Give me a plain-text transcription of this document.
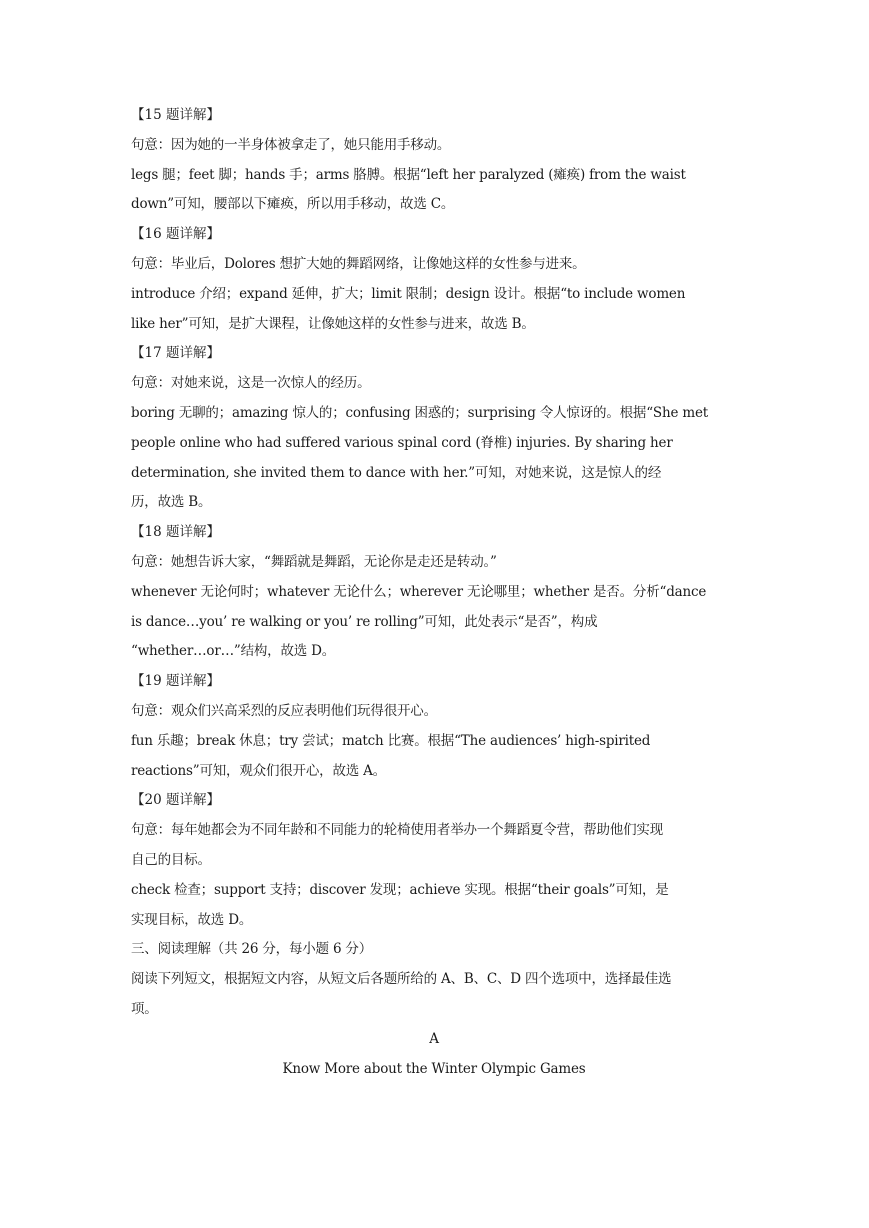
【15 题详解】
句意：因为她的一半身体被拿走了，她只能用手移动。
legs 腿；feet 脚；hands 手；arms 胳膊。根据“left her paralyzed (瘫痪) from the waist
down”可知，腰部以下瘫痪，所以用手移动，故选 C。
【16 题详解】
句意：毕业后，Dolores 想扩大她的舞蹈网络，让像她这样的女性参与进来。
introduce 介绍；expand 延伸，扩大；limit 限制；design 设计。根据“to include women
like her”可知，是扩大课程，让像她这样的女性参与进来，故选 B。
【17 题详解】
句意：对她来说，这是一次惊人的经历。
boring 无聊的；amazing 惊人的；confusing 困惑的；surprising 令人惊讶的。根据“She met
people online who had suffered various spinal cord (脊椎) injuries. By sharing her
determination, she invited them to dance with her.”可知，对她来说，这是惊人的经
历，故选 B。
【18 题详解】
句意：她想告诉大家，“舞蹈就是舞蹈，无论你是走还是转动。”
whenever 无论何时；whatever 无论什么；wherever 无论哪里；whether 是否。分析“dance
is dance…you’ re walking or you’ re rolling”可知，此处表示“是否”，构成
“whether…or…”结构，故选 D。
【19 题详解】
句意：观众们兴高采烈的反应表明他们玩得很开心。
fun 乐趣；break 休息；try 尝试；match 比赛。根据“The audiences’ high-spirited
reactions”可知，观众们很开心，故选 A。
【20 题详解】
句意：每年她都会为不同年龄和不同能力的轮椅使用者举办一个舞蹈夏令营，帮助他们实现
自己的目标。
check 检查；support 支持；discover 发现；achieve 实现。根据“their goals”可知，是
实现目标，故选 D。
三、阅读理解（共 26 分，每小题 6 分）
阅读下列短文，根据短文内容，从短文后各题所给的 A、B、C、D 四个选项中，选择最佳选
项。
A
Know More about the Winter Olympic Games
